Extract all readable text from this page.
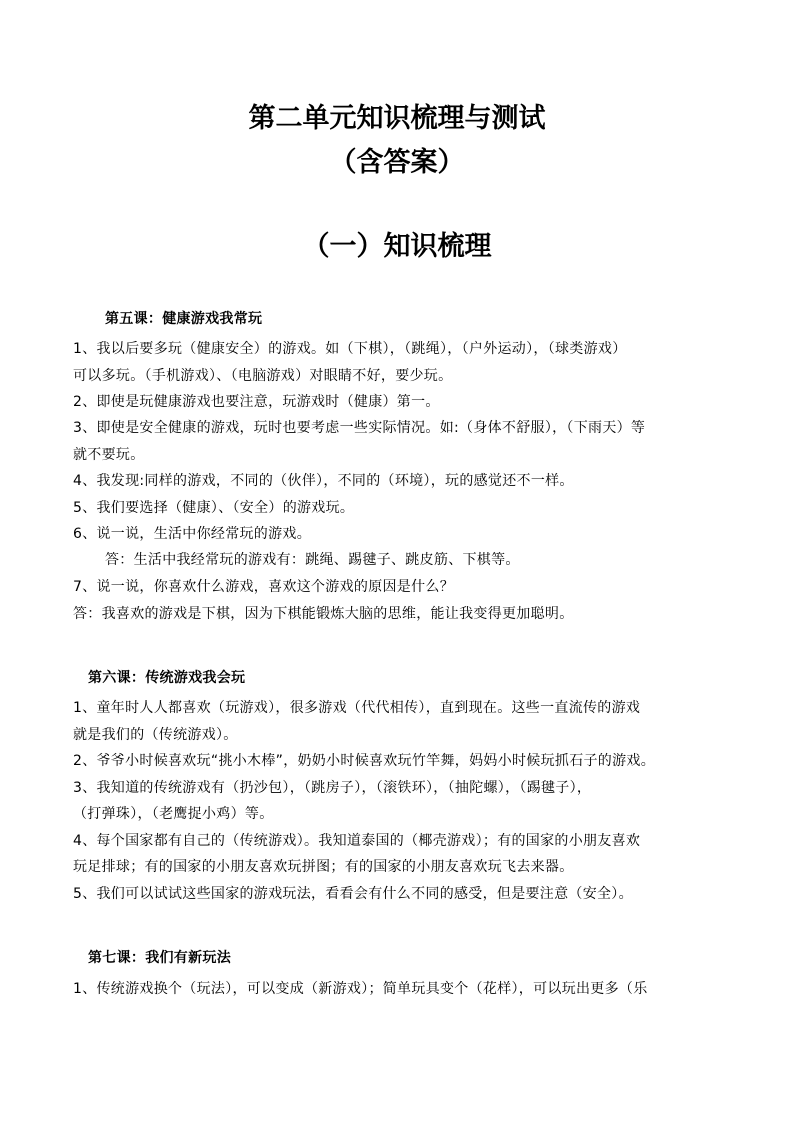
第二单元知识梳理与测试
（含答案）
（一）知识梳理
第五课：健康游戏我常玩
1、我以后要多玩（健康安全）的游戏。如（下棋），（跳绳），（户外运动），（球类游戏）
可以多玩。（手机游戏）、（电脑游戏）对眼睛不好，要少玩。
2、即使是玩健康游戏也要注意，玩游戏时（健康）第一。
3、即使是安全健康的游戏，玩时也要考虑一些实际情况。如:（身体不舒服），（下雨天）等
就不要玩。
4、我发现:同样的游戏，不同的（伙伴），不同的（环境），玩的感觉还不一样。
5、我们要选择（健康）、（安全）的游戏玩。
6、说一说，生活中你经常玩的游戏。
答：生活中我经常玩的游戏有：跳绳、踢毽子、跳皮筋、下棋等。
7、说一说，你喜欢什么游戏，喜欢这个游戏的原因是什么？
答：我喜欢的游戏是下棋，因为下棋能锻炼大脑的思维，能让我变得更加聪明。
第六课：传统游戏我会玩
1、童年时人人都喜欢（玩游戏），很多游戏（代代相传），直到现在。这些一直流传的游戏
就是我们的（传统游戏）。
2、爷爷小时候喜欢玩“挑小木棒”，奶奶小时候喜欢玩竹竿舞，妈妈小时候玩抓石子的游戏。
3、我知道的传统游戏有（扔沙包），（跳房子），（滚铁环），（抽陀螺），（踢毽子），
（打弹珠），（老鹰捉小鸡）等。
4、每个国家都有自己的（传统游戏）。我知道泰国的（椰壳游戏）；有的国家的小朋友喜欢
玩足排球；有的国家的小朋友喜欢玩拼图；有的国家的小朋友喜欢玩飞去来器。
5、我们可以试试这些国家的游戏玩法，看看会有什么不同的感受，但是要注意（安全）。
第七课：我们有新玩法
1、传统游戏换个（玩法），可以变成（新游戏）；简单玩具变个（花样），可以玩出更多（乐
